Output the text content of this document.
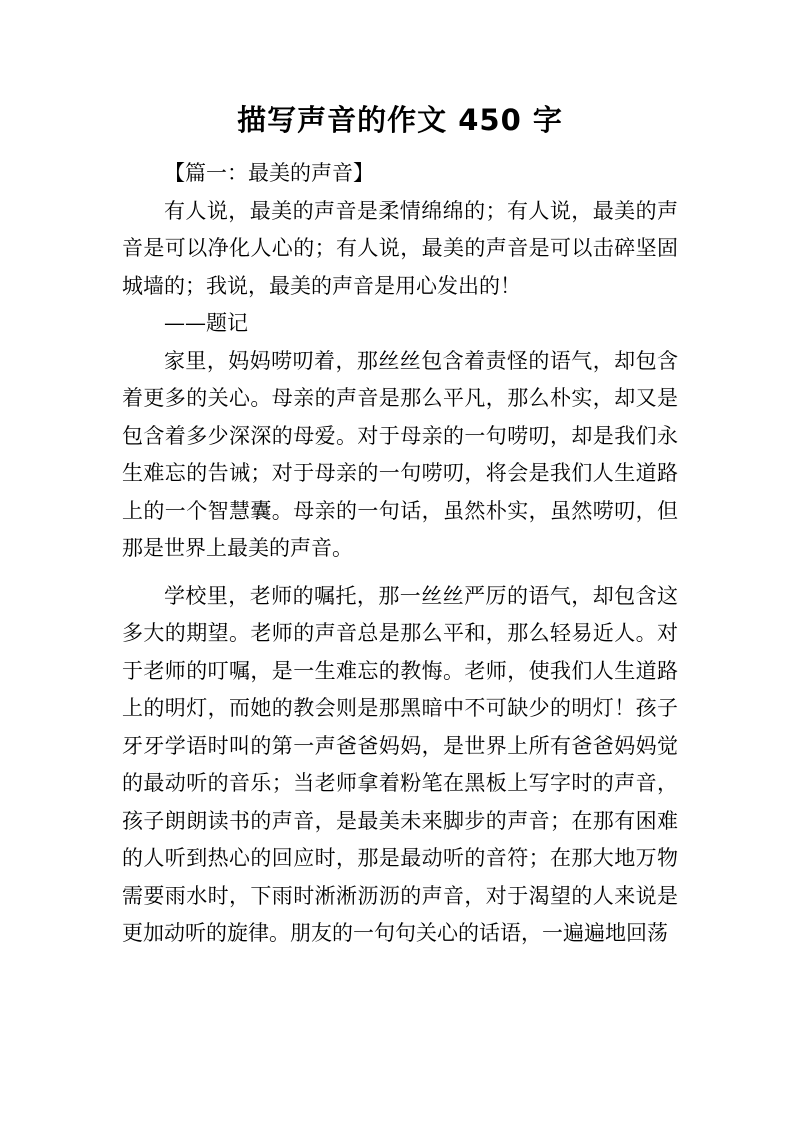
描写声音的作文 450 字

【篇一：最美的声音】

有人说，最美的声音是柔情绵绵的；有人说，最美的声音是可以净化人心的；有人说，最美的声音是可以击碎坚固城墙的；我说，最美的声音是用心发出的！

——题记

家里，妈妈唠叨着，那丝丝包含着责怪的语气，却包含着更多的关心。母亲的声音是那么平凡，那么朴实，却又是包含着多少深深的母爱。对于母亲的一句唠叨，却是我们永生难忘的告诫；对于母亲的一句唠叨，将会是我们人生道路上的一个智慧囊。母亲的一句话，虽然朴实，虽然唠叨，但那是世界上最美的声音。

学校里，老师的嘱托，那一丝丝严厉的语气，却包含这多大的期望。老师的声音总是那么平和，那么轻易近人。对于老师的叮嘱，是一生难忘的教悔。老师，使我们人生道路上的明灯，而她的教会则是那黑暗中不可缺少的明灯！孩子牙牙学语时叫的第一声爸爸妈妈，是世界上所有爸爸妈妈觉的最动听的音乐；当老师拿着粉笔在黑板上写字时的声音，孩子朗朗读书的声音，是最美未来脚步的声音；在那有困难的人听到热心的回应时，那是最动听的音符；在那大地万物需要雨水时，下雨时淅淅沥沥的声音，对于渴望的人来说是更加动听的旋律。朋友的一句句关心的话语，一遍遍地回荡
